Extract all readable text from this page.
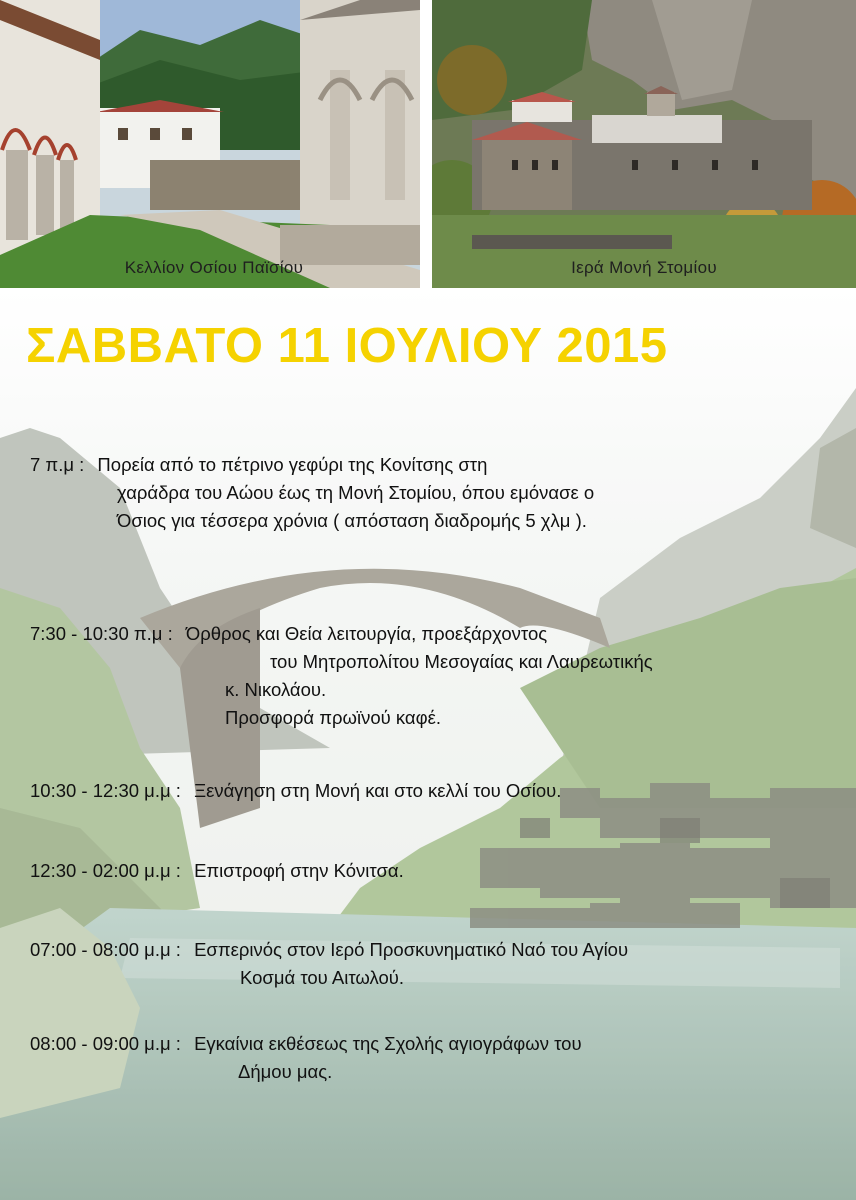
Κελλίον Οσίου Παϊσίου	Ιερά Μονή Στομίου
ΣΑΒΒΑΤΟ 11 ΙΟΥΛΙΟΥ 2015
7 π.μ : Πορεία από το πέτρινο γεφύρι της Κονίτσης στη
χαράδρα του Αώου έως τη Μονή Στομίου, όπου εμόνασε ο
Όσιος για τέσσερα χρόνια ( απόσταση διαδρομής 5 χλμ ).
7:30 - 10:30 π.μ : Όρθρος και Θεία λειτουργία, προεξάρχοντος
του Μητροπολίτου Μεσογαίας και Λαυρεωτικής
κ. Νικολάου.
Προσφορά πρωϊνού καφέ.
10:30 - 12:30 μ.μ : Ξενάγηση στη Μονή και στο κελλί του Οσίου.
12:30 - 02:00 μ.μ : Επιστροφή στην Κόνιτσα.
07:00 - 08:00 μ.μ : Εσπερινός στον Ιερό Προσκυνηματικό Ναό του Αγίου
Κοσμά του Αιτωλού.
08:00 - 09:00 μ.μ : Εγκαίνια εκθέσεως της Σχολής αγιογράφων του
Δήμου μας.
